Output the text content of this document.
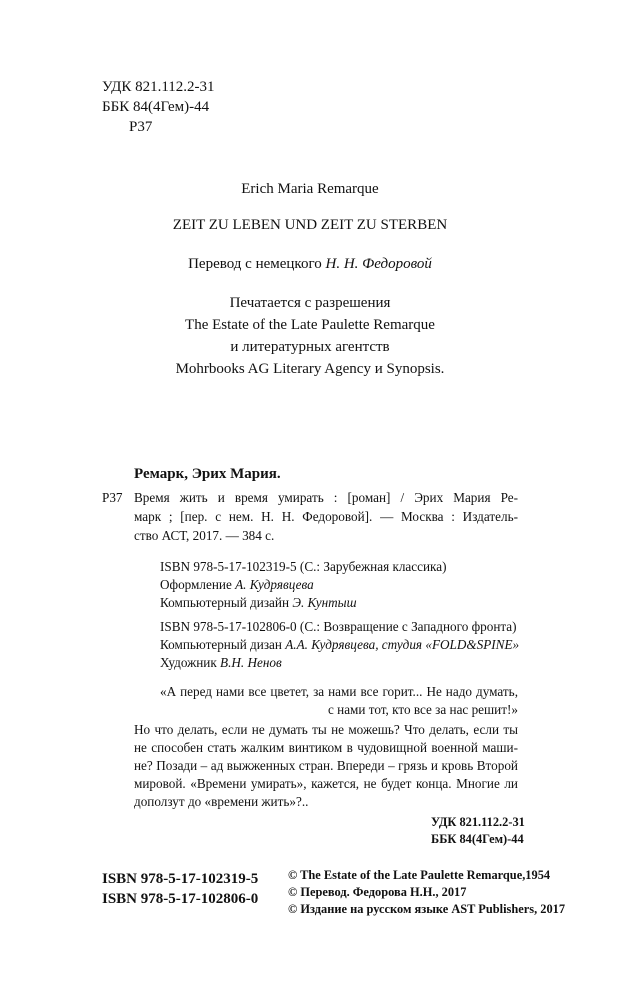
УДК 821.112.2-31
ББК 84(4Гем)-44
Р37
Erich Maria Remarque
ZEIT ZU LEBEN UND ZEIT ZU STERBEN
Перевод с немецкого Н. Н. Федоровой
Печатается с разрешения
The Estate of the Late Paulette Remarque
и литературных агентств
Mohrbooks AG Literary Agency и Synopsis.
Ремарк, Эрих Мария.
Р37 Время жить и время умирать : [роман] / Эрих Мария Ре-
марк ; [пер. с нем. Н. Н. Федоровой]. — Москва : Издатель-
ство АСТ, 2017. — 384 с.
ISBN 978-5-17-102319-5 (С.: Зарубежная классика)
Оформление А. Кудрявцева
Компьютерный дизайн Э. Кунтыш
ISBN 978-5-17-102806-0 (С.: Возвращение с Западного фронта)
Компьютерный дизан А.А. Кудрявцева, студия «FOLD&SPINE»
Художник В.Н. Ненов
«А перед нами все цветет, за нами все горит... Не надо думать,
с нами тот, кто все за нас решит!»
Но что делать, если не думать ты не можешь? Что делать, если ты
не способен стать жалким винтиком в чудовищной военной маши-
не? Позади – ад выжженных стран. Впереди – грязь и кровь Второй
мировой. «Времени умирать», кажется, не будет конца. Многие ли
доползут до «времени жить»?..
УДК 821.112.2-31
ББК 84(4Гем)-44
ISBN 978-5-17-102319-5
ISBN 978-5-17-102806-0
© The Estate of the Late Paulette Remarque,1954
© Перевод. Федорова Н.Н., 2017
© Издание на русском языке AST Publishers, 2017
